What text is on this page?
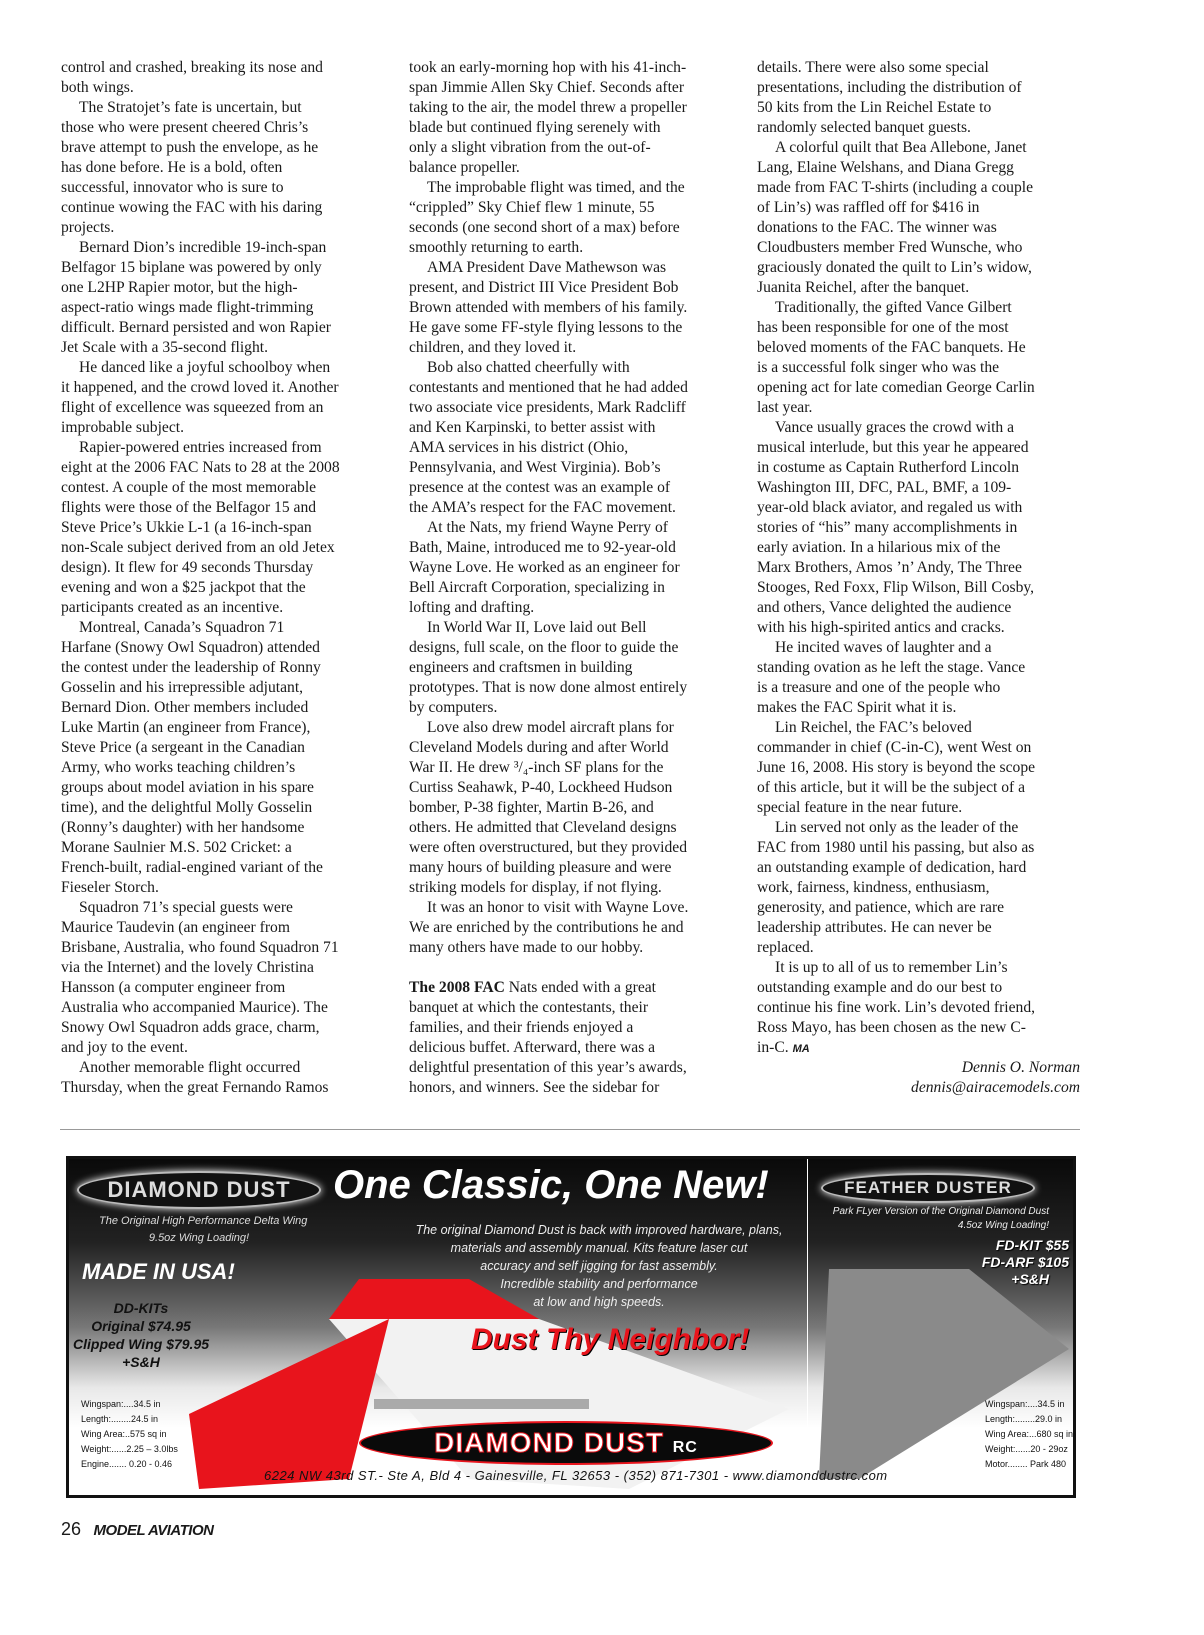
control and crashed, breaking its nose and
both wings.
The Stratojet’s fate is uncertain, but
those who were present cheered Chris’s
brave attempt to push the envelope, as he
has done before. He is a bold, often
successful, innovator who is sure to
continue wowing the FAC with his daring
projects.
Bernard Dion’s incredible 19-inch-span
Belfagor 15 biplane was powered by only
one L2HP Rapier motor, but the high-
aspect-ratio wings made flight-trimming
difficult. Bernard persisted and won Rapier
Jet Scale with a 35-second flight.
He danced like a joyful schoolboy when
it happened, and the crowd loved it. Another
flight of excellence was squeezed from an
improbable subject.
Rapier-powered entries increased from
eight at the 2006 FAC Nats to 28 at the 2008
contest. A couple of the most memorable
flights were those of the Belfagor 15 and
Steve Price’s Ukkie L-1 (a 16-inch-span
non-Scale subject derived from an old Jetex
design). It flew for 49 seconds Thursday
evening and won a $25 jackpot that the
participants created as an incentive.
Montreal, Canada’s Squadron 71
Harfane (Snowy Owl Squadron) attended
the contest under the leadership of Ronny
Gosselin and his irrepressible adjutant,
Bernard Dion. Other members included
Luke Martin (an engineer from France),
Steve Price (a sergeant in the Canadian
Army, who works teaching children’s
groups about model aviation in his spare
time), and the delightful Molly Gosselin
(Ronny’s daughter) with her handsome
Morane Saulnier M.S. 502 Cricket: a
French-built, radial-engined variant of the
Fieseler Storch.
Squadron 71’s special guests were
Maurice Taudevin (an engineer from
Brisbane, Australia, who found Squadron 71
via the Internet) and the lovely Christina
Hansson (a computer engineer from
Australia who accompanied Maurice). The
Snowy Owl Squadron adds grace, charm,
and joy to the event.
Another memorable flight occurred
Thursday, when the great Fernando Ramos
took an early-morning hop with his 41-inch-
span Jimmie Allen Sky Chief. Seconds after
taking to the air, the model threw a propeller
blade but continued flying serenely with
only a slight vibration from the out-of-
balance propeller.
The improbable flight was timed, and the
“crippled” Sky Chief flew 1 minute, 55
seconds (one second short of a max) before
smoothly returning to earth.
AMA President Dave Mathewson was
present, and District III Vice President Bob
Brown attended with members of his family.
He gave some FF-style flying lessons to the
children, and they loved it.
Bob also chatted cheerfully with
contestants and mentioned that he had added
two associate vice presidents, Mark Radcliff
and Ken Karpinski, to better assist with
AMA services in his district (Ohio,
Pennsylvania, and West Virginia). Bob’s
presence at the contest was an example of
the AMA’s respect for the FAC movement.
At the Nats, my friend Wayne Perry of
Bath, Maine, introduced me to 92-year-old
Wayne Love. He worked as an engineer for
Bell Aircraft Corporation, specializing in
lofting and drafting.
In World War II, Love laid out Bell
designs, full scale, on the floor to guide the
engineers and craftsmen in building
prototypes. That is now done almost entirely
by computers.
Love also drew model aircraft plans for
Cleveland Models during and after World
War II. He drew ³/₄-inch SF plans for the
Curtiss Seahawk, P-40, Lockheed Hudson
bomber, P-38 fighter, Martin B-26, and
others. He admitted that Cleveland designs
were often overstructured, but they provided
many hours of building pleasure and were
striking models for display, if not flying.
It was an honor to visit with Wayne Love.
We are enriched by the contributions he and
many others have made to our hobby.
The 2008 FAC Nats ended with a great
banquet at which the contestants, their
families, and their friends enjoyed a
delicious buffet. Afterward, there was a
delightful presentation of this year’s awards,
honors, and winners. See the sidebar for
details. There were also some special
presentations, including the distribution of
50 kits from the Lin Reichel Estate to
randomly selected banquet guests.
A colorful quilt that Bea Allebone, Janet
Lang, Elaine Welshans, and Diana Gregg
made from FAC T-shirts (including a couple
of Lin’s) was raffled off for $416 in
donations to the FAC. The winner was
Cloudbusters member Fred Wunsche, who
graciously donated the quilt to Lin’s widow,
Juanita Reichel, after the banquet.
Traditionally, the gifted Vance Gilbert
has been responsible for one of the most
beloved moments of the FAC banquets. He
is a successful folk singer who was the
opening act for late comedian George Carlin
last year.
Vance usually graces the crowd with a
musical interlude, but this year he appeared
in costume as Captain Rutherford Lincoln
Washington III, DFC, PAL, BMF, a 109-
year-old black aviator, and regaled us with
stories of “his” many accomplishments in
early aviation. In a hilarious mix of the
Marx Brothers, Amos ’n’ Andy, The Three
Stooges, Red Foxx, Flip Wilson, Bill Cosby,
and others, Vance delighted the audience
with his high-spirited antics and cracks.
He incited waves of laughter and a
standing ovation as he left the stage. Vance
is a treasure and one of the people who
makes the FAC Spirit what it is.
Lin Reichel, the FAC’s beloved
commander in chief (C-in-C), went West on
June 16, 2008. His story is beyond the scope
of this article, but it will be the subject of a
special feature in the near future.
Lin served not only as the leader of the
FAC from 1980 until his passing, but also as
an outstanding example of dedication, hard
work, fairness, kindness, enthusiasm,
generosity, and patience, which are rare
leadership attributes. He can never be
replaced.
It is up to all of us to remember Lin’s
outstanding example and do our best to
continue his fine work. Lin’s devoted friend,
Ross Mayo, has been chosen as the new C-
in-C. MA
Dennis O. Norman
dennis@airacemodels.com
DIAMOND DUST	One Classic, One New!
The Original High Performance Delta Wing
9.5oz Wing Loading!
MADE IN USA!
DD-KITs
Original $74.95
Clipped Wing $79.95
+S&H
The original Diamond Dust is back with improved hardware, plans,
materials and assembly manual. Kits feature laser cut
accuracy and self jigging for fast assembly.
Incredible stability and performance
at low and high speeds.
Dust Thy Neighbor!
FEATHER DUSTER
Park FLyer Version of the Original Diamond Dust
4.5oz Wing Loading!
FD-KIT $55
FD-ARF $105
+S&H
Wingspan:....34.5 in
Length:........24.5 in
Wing Area:..575 sq in
Weight:......2.25 – 3.0lbs
Engine....... 0.20 - 0.46
Wingspan:....34.5 in
Length:........29.0 in
Wing Area:...680 sq in
Weight:......20 - 29oz
Motor........ Park 480
DIAMOND DUST RC
6224 NW 43rd ST.- Ste A, Bld 4 - Gainesville, FL 32653 - (352) 871-7301 - www.diamonddustrc.com
26 MODEL AVIATION
